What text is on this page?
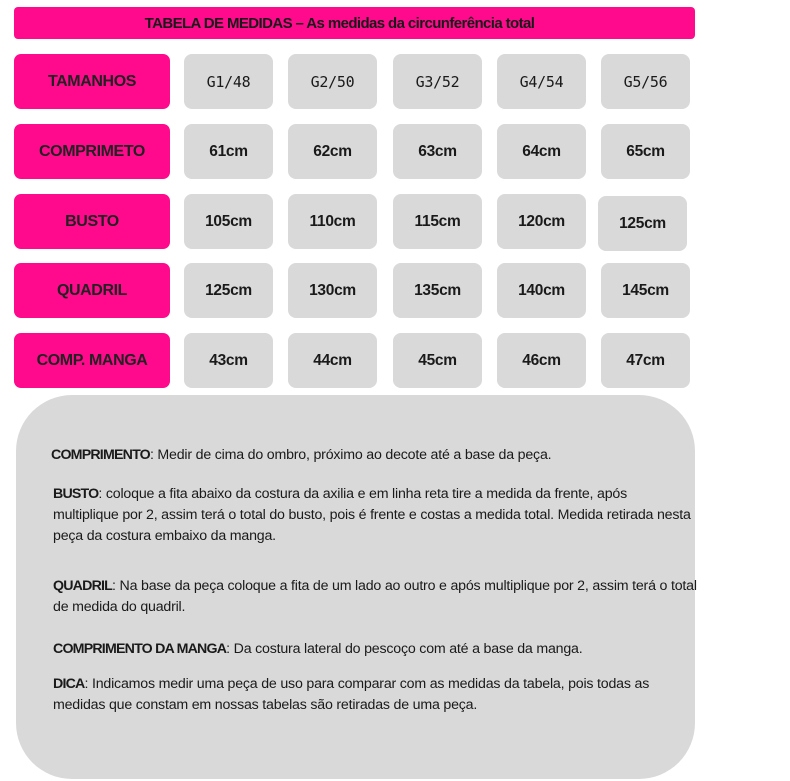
TABELA DE MEDIDAS – As medidas da circunferência total
TAMANHOS	G1/48	G2/50	G3/52	G4/54	G5/56
COMPRIMETO	61cm	62cm	63cm	64cm	65cm
BUSTO	105cm	110cm	115cm	120cm	125cm
QUADRIL	125cm	130cm	135cm	140cm	145cm
COMP. MANGA	43cm	44cm	45cm	46cm	47cm
COMPRIMENTO: Medir de cima do ombro, próximo ao decote até a base da peça.
BUSTO: coloque a fita abaixo da costura da axilia e em linha reta tire a medida da frente, após multiplique por 2, assim terá o total do busto, pois é frente e costas a medida total. Medida retirada nesta peça da costura embaixo da manga.
QUADRIL: Na base da peça coloque a fita de um lado ao outro e após multiplique por 2, assim terá o total de medida do quadril.
COMPRIMENTO DA MANGA: Da costura lateral do pescoço com até a base da manga.
DICA: Indicamos medir uma peça de uso para comparar com as medidas da tabela, pois todas as medidas que constam em nossas tabelas são retiradas de uma peça.
